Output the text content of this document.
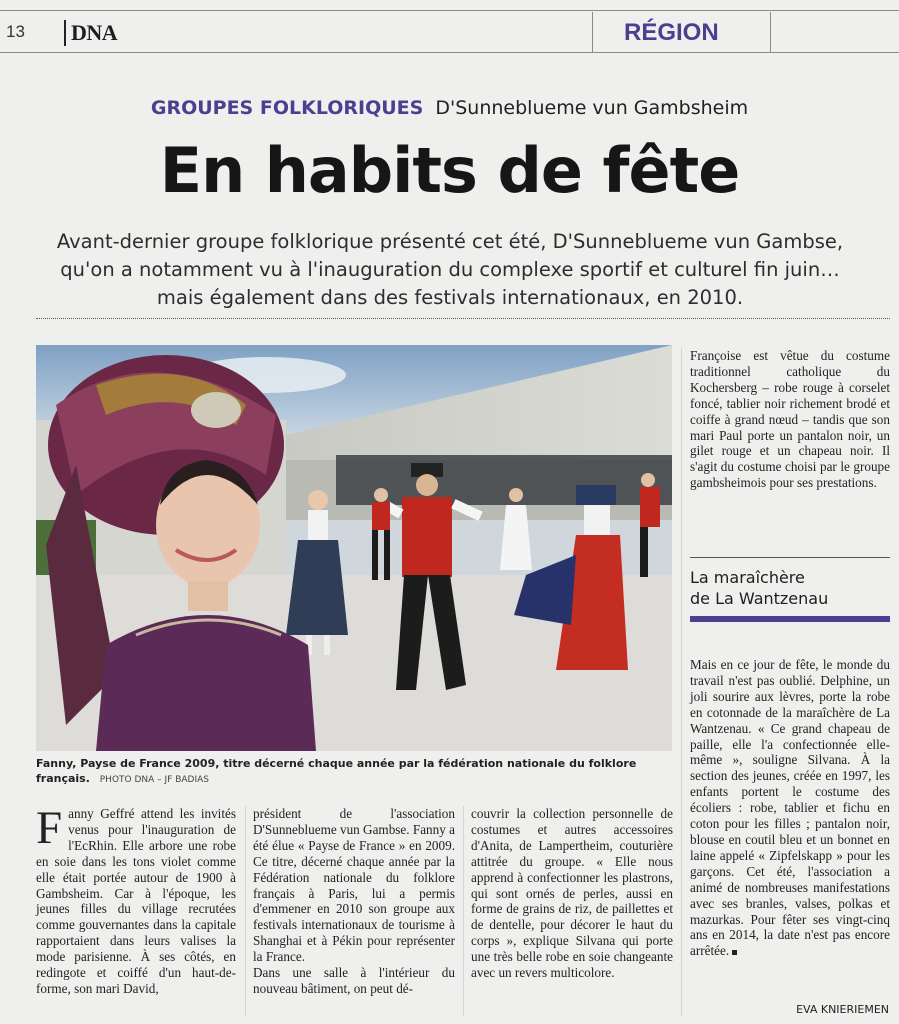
13	DNA	RÉGION
GROUPES FOLKLORIQUES D'Sunneblueme vun Gambsheim
En habits de fête
Avant-dernier groupe folklorique présenté cet été, D'Sunneblueme vun Gambse,
qu'on a notamment vu à l'inauguration du complexe sportif et culturel fin juin…
mais également dans des festivals internationaux, en 2010.
Fanny, Payse de France 2009, titre décerné chaque année par la fédération nationale du folklore français. PHOTO DNA – JF BADIAS
F anny Geffré attend les invités venus pour l'inauguration de l'EcRhin. Elle arbore une robe en soie dans les tons violet comme elle était portée autour de 1900 à Gambsheim. Car à l'époque, les jeunes filles du village recrutées comme gouvernantes dans la capitale rapportaient dans leurs valises la mode parisienne. À ses côtés, en redingote et coiffé d'un haut-de-forme, son mari David,

président de l'association D'Sunneblueme vun Gambse. Fanny a été élue « Payse de France » en 2009. Ce titre, décerné chaque année par la Fédération nationale du folklore français à Paris, lui a permis d'emmener en 2010 son groupe aux festivals internationaux de tourisme à Shanghai et à Pékin pour représenter la France.

Dans une salle à l'intérieur du nouveau bâtiment, on peut dé-

couvrir la collection personnelle de costumes et autres accessoires d'Anita, de Lampertheim, couturière attitrée du groupe. « Elle nous apprend à confectionner les plastrons, qui sont ornés de perles, aussi en forme de grains de riz, de paillettes et de dentelle, pour décorer le haut du corps », explique Silvana qui porte une très belle robe en soie changeante avec un revers multicolore.

Françoise est vêtue du costume traditionnel catholique du Kochersberg – robe rouge à corselet foncé, tablier noir richement brodé et coiffe à grand nœud – tandis que son mari Paul porte un pantalon noir, un gilet rouge et un chapeau noir. Il s'agit du costume choisi par le groupe gambsheimois pour ses prestations.

La maraîchère
de La Wantzenau

Mais en ce jour de fête, le monde du travail n'est pas oublié. Delphine, un joli sourire aux lèvres, porte la robe en cotonnade de la maraîchère de La Wantzenau. « Ce grand chapeau de paille, elle l'a confectionnée elle-même », souligne Silvana. À la section des jeunes, créée en 1997, les enfants portent le costume des écoliers : robe, tablier et fichu en coton pour les filles ; pantalon noir, blouse en coutil bleu et un bonnet en laine appelé « Zipfelskapp » pour les garçons. Cet été, l'association a animé de nombreuses manifestations avec ses branles, valses, polkas et mazurkas. Pour fêter ses vingt-cinq ans en 2014, la date n'est pas encore arrêtée.

EVA KNIERIEMEN
